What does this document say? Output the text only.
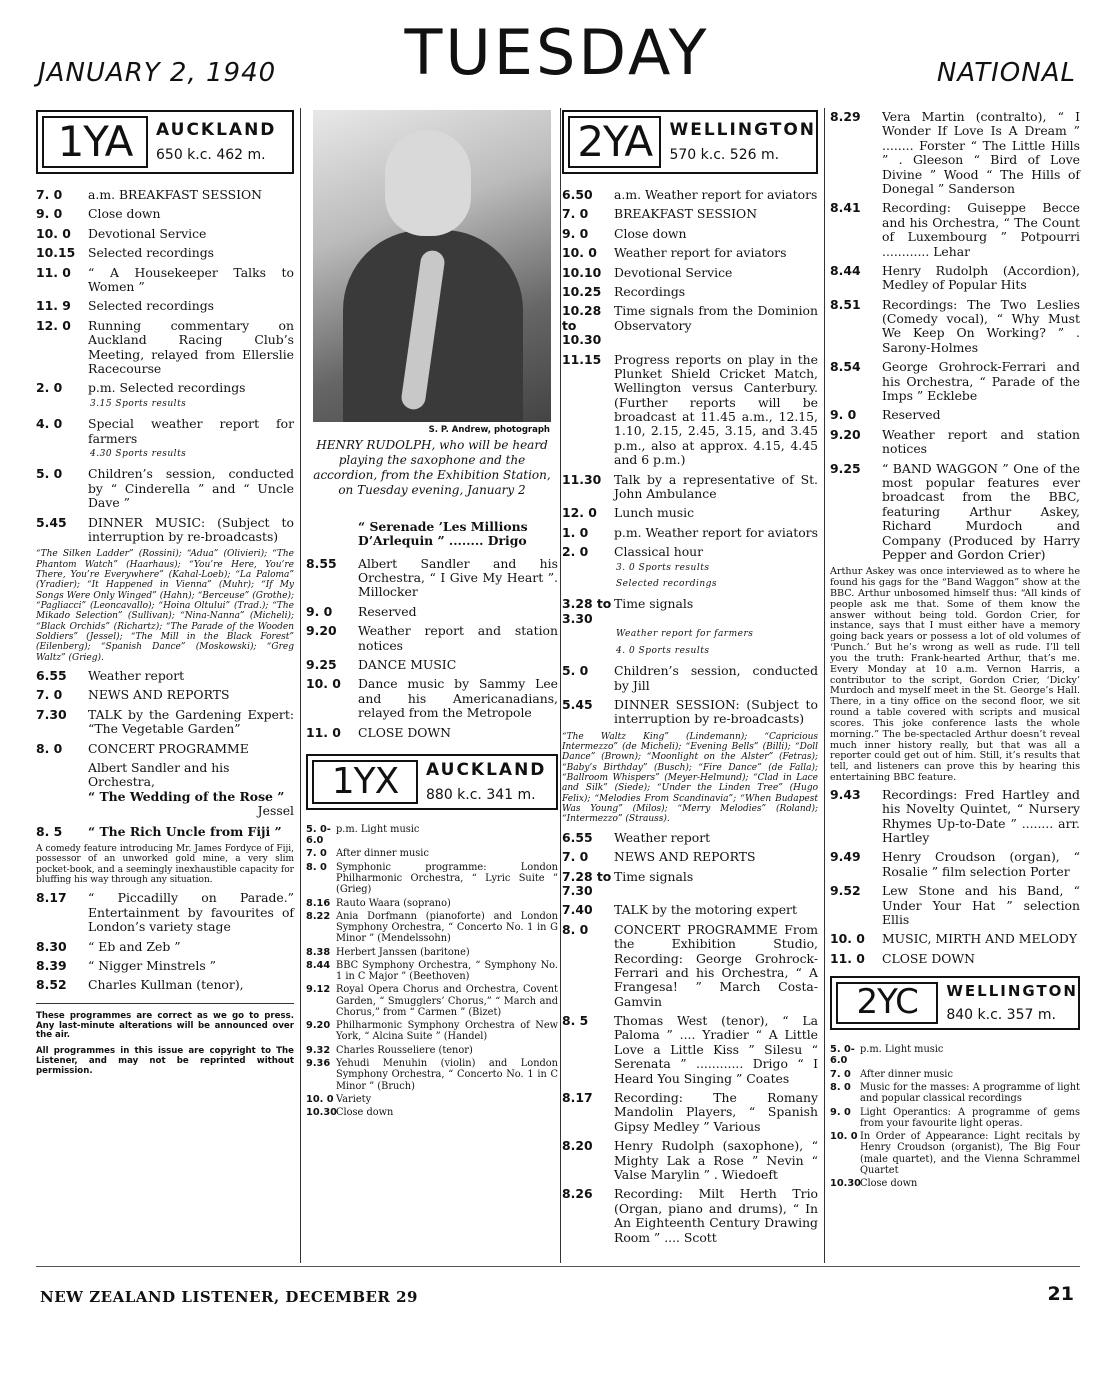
JANUARY 2, 1940	TUESDAY	NATIONAL
1YA	AUCKLAND
650 k.c. 462 m.
7. 0	a.m. BREAKFAST SESSION
9. 0	Close down
10. 0	Devotional Service
10.15	Selected recordings
11. 0	“ A Housekeeper Talks to Women ”
11. 9	Selected recordings
12. 0	Running commentary on Auckland Racing Club’s Meeting, relayed from Ellerslie Racecourse
2. 0	p.m. Selected recordings
3.15 Sports results
4. 0	Special weather report for farmers
4.30 Sports results
5. 0	Children’s session, conducted by “ Cinderella ” and “ Uncle Dave ”
5.45	DINNER MUSIC: (Subject to interruption by re-broadcasts)
“The Silken Ladder” (Rossini); “Adua” (Olivieri); “The Phantom Watch” (Haarhaus); “You’re Here, You’re There, You’re Everywhere” (Kahal-Loeb); “La Paloma” (Yradier); “It Happened in Vienna” (Muhr); “If My Songs Were Only Winged” (Hahn); “Berceuse” (Grothe); “Pagliacci” (Leoncavallo); “Hoina Oltului” (Trad.); “The Mikado Selection” (Sullivan); “Nina-Nanna” (Micheli); “Black Orchids” (Richartz); “The Parade of the Wooden Soldiers” (Jessel); “The Mill in the Black Forest” (Eilenberg); “Spanish Dance” (Moskowski); “Greg Waltz” (Grieg).
6.55	Weather report
7. 0	NEWS AND REPORTS
7.30	TALK by the Gardening Expert: “The Vegetable Garden”
8. 0	CONCERT PROGRAMME
Albert Sandler and his Orchestra,
“ The Wedding of the Rose ”
Jessel
8. 5	“ The Rich Uncle from Fiji ”
A comedy feature introducing Mr. James Fordyce of Fiji, possessor of an unworked gold mine, a very slim pocket-book, and a seemingly inexhaustible capacity for bluffing his way through any situation.
8.17	“ Piccadilly on Parade.” Entertainment by favourites of London’s variety stage
8.30	“ Eb and Zeb ”
8.39	“ Nigger Minstrels ”
8.52	Charles Kullman (tenor),

These programmes are correct as we go to press. Any last-minute alterations will be announced over the air.

All programmes in this issue are copyright to The Listener, and may not be reprinted without permission.

S. P. Andrew, photograph
HENRY RUDOLPH, who will be heard playing the saxophone and the accordion, from the Exhibition Station, on Tuesday evening, January 2
“ Serenade ’Les Millions D’Arlequin ” ........ Drigo
8.55	Albert Sandler and his Orchestra, “ I Give My Heart ”. Millocker
9. 0	Reserved
9.20	Weather report and station notices
9.25	DANCE MUSIC
10. 0	Dance music by Sammy Lee and his Americanadians, relayed from the Metropole
11. 0	CLOSE DOWN
1YX	AUCKLAND
880 k.c. 341 m.
5. 0-6.0
p.m. Light music
7. 0 After dinner music
8. 0 Symphonic programme: London Philharmonic Orchestra, “ Lyric Suite ” (Grieg)
8.16 Rauto Waara (soprano)
8.22 Ania Dorfmann (pianoforte) and London Symphony Orchestra, “ Concerto No. 1 in G Minor ” (Mendelssohn)
8.38 Herbert Janssen (baritone)
8.44 BBC Symphony Orchestra, “ Symphony No. 1 in C Major ” (Beethoven)
9.12 Royal Opera Chorus and Orchestra, Covent Garden, “ Smugglers’ Chorus,” “ March and Chorus,” from “ Carmen ” (Bizet)
9.20 Philharmonic Symphony Orchestra of New York, “ Alcina Suite ” (Handel)
9.32 Charles Rousseliere (tenor)
9.36 Yehudi Menuhin (violin) and London Symphony Orchestra, “ Concerto No. 1 in C Minor ” (Bruch)
10. 0 Variety
10.30 Close down
2YA	WELLINGTON
570 k.c. 526 m.
6.50	a.m. Weather report for aviators
7. 0	BREAKFAST SESSION
9. 0	Close down
10. 0	Weather report for aviators
10.10	Devotional Service
10.25	Recordings
10.28 to 10.30
Time signals from the Dominion Observatory
11.15	Progress reports on play in the Plunket Shield Cricket Match, Wellington versus Canterbury. (Further reports will be broadcast at 11.45 a.m., 12.15, 1.10, 2.15, 2.45, 3.15, and 3.45 p.m., also at approx. 4.15, 4.45 and 6 p.m.)
11.30	Talk by a representative of St. John Ambulance
12. 0	Lunch music
1. 0	p.m. Weather report for aviators
2. 0	Classical hour
3. 0 Sports results
Selected recordings
3.28 to 3.30
Time signals
Weather report for farmers
4. 0 Sports results
5. 0	Children’s session, conducted by Jill
5.45	DINNER SESSION: (Subject to interruption by re-broadcasts)
“The Waltz King” (Lindemann); “Capricious Intermezzo” (de Micheli); “Evening Bells” (Billi); “Doll Dance” (Brown); “Moonlight on the Alster” (Fetras); “Baby’s Birthday” (Busch); “Fire Dance” (de Falla); “Ballroom Whispers” (Meyer-Helmund); “Clad in Lace and Silk” (Siede); “Under the Linden Tree” (Hugo Felix); “Melodies From Scandinavia”; “When Budapest Was Young” (Milos); “Merry Melodies” (Roland); “Intermezzo” (Strauss).
6.55	Weather report
7. 0	NEWS AND REPORTS
7.28 to 7.30
Time signals
7.40	TALK by the motoring expert
8. 0	CONCERT PROGRAMME From the Exhibition Studio, Recording: George Grohrock-Ferrari and his Orchestra, “ A Frangesa! ” March Costa-Gamvin
8. 5	Thomas West (tenor), “ La Paloma ” .... Yradier “ A Little Love a Little Kiss ” Silesu “ Serenata ” ............ Drigo “ I Heard You Singing ” Coates
8.17	Recording: The Romany Mandolin Players, “ Spanish Gipsy Medley ” Various
8.20	Henry Rudolph (saxophone), “ Mighty Lak a Rose ” Nevin “ Valse Marylin ” . Wiedoeft
8.26	Recording: Milt Herth Trio (Organ, piano and drums), “ In An Eighteenth Century Drawing Room ” .... Scott
8.29	Vera Martin (contralto), “ I Wonder If Love Is A Dream ” ........ Forster “ The Little Hills ” . Gleeson “ Bird of Love Divine ” Wood “ The Hills of Donegal ” Sanderson
8.41	Recording: Guiseppe Becce and his Orchestra, “ The Count of Luxembourg ” Potpourri ............ Lehar
8.44	Henry Rudolph (Accordion), Medley of Popular Hits
8.51	Recordings: The Two Leslies (Comedy vocal), “ Why Must We Keep On Working? ” . Sarony-Holmes
8.54	George Grohrock-Ferrari and his Orchestra, “ Parade of the Imps ” Ecklebe
9. 0	Reserved
9.20	Weather report and station notices
9.25	“ BAND WAGGON ” One of the most popular features ever broadcast from the BBC, featuring Arthur Askey, Richard Murdoch and Company (Produced by Harry Pepper and Gordon Crier)
Arthur Askey was once interviewed as to where he found his gags for the “Band Waggon” show at the BBC. Arthur unbosomed himself thus: “All kinds of people ask me that. Some of them know the answer without being told. Gordon Crier, for instance, says that I must either have a memory going back years or possess a lot of old volumes of ‘Punch.’ But he’s wrong as well as rude. I’ll tell you the truth: Frank-hearted Arthur, that’s me. Every Monday at 10 a.m. Vernon Harris, a contributor to the script, Gordon Crier, ‘Dicky’ Murdoch and myself meet in the St. George’s Hall. There, in a tiny office on the second floor, we sit round a table covered with scripts and musical scores. This joke conference lasts the whole morning.” The be-spectacled Arthur doesn’t reveal much inner history really, but that was all a reporter could get out of him. Still, it’s results that tell, and listeners can prove this by hearing this entertaining BBC feature.
9.43	Recordings: Fred Hartley and his Novelty Quintet, “ Nursery Rhymes Up-to-Date ” ........ arr. Hartley
9.49	Henry Croudson (organ), “ Rosalie ” film selection Porter
9.52	Lew Stone and his Band, “ Under Your Hat ” selection Ellis
10. 0	MUSIC, MIRTH AND MELODY
11. 0	CLOSE DOWN
2YC	WELLINGTON
840 k.c. 357 m.
5. 0-6.0
p.m. Light music
7. 0 After dinner music
8. 0 Music for the masses: A programme of light and popular classical recordings
9. 0 Light Operantics: A programme of gems from your favourite light operas.
10. 0 In Order of Appearance: Light recitals by Henry Croudson (organist), The Big Four (male quartet), and the Vienna Schrammel Quartet
10.30 Close down
NEW ZEALAND LISTENER, DECEMBER 29	21
